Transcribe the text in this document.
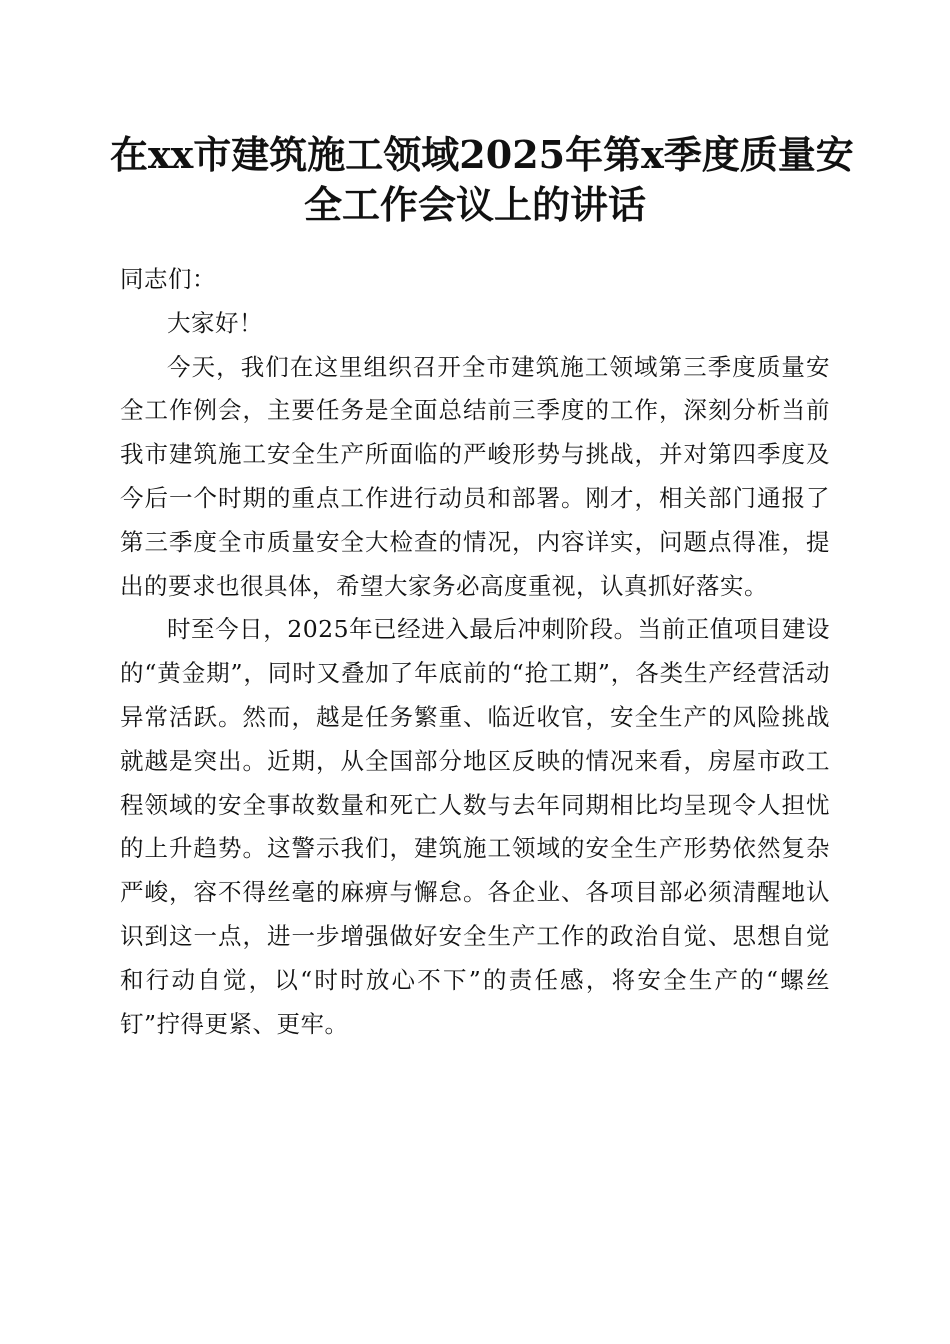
在xx市建筑施工领域2025年第x季度质量安
全工作会议上的讲话

同志们：

大家好！

今天，我们在这里组织召开全市建筑施工领域第三季度质量安全工作例会，主要任务是全面总结前三季度的工作，深刻分析当前我市建筑施工安全生产所面临的严峻形势与挑战，并对第四季度及今后一个时期的重点工作进行动员和部署。刚才，相关部门通报了第三季度全市质量安全大检查的情况，内容详实，问题点得准，提出的要求也很具体，希望大家务必高度重视，认真抓好落实。

时至今日，2025年已经进入最后冲刺阶段。当前正值项目建设的“黄金期”，同时又叠加了年底前的“抢工期”，各类生产经营活动异常活跃。然而，越是任务繁重、临近收官，安全生产的风险挑战就越是突出。近期，从全国部分地区反映的情况来看，房屋市政工程领域的安全事故数量和死亡人数与去年同期相比均呈现令人担忧的上升趋势。这警示我们，建筑施工领域的安全生产形势依然复杂严峻，容不得丝毫的麻痹与懈怠。各企业、各项目部必须清醒地认识到这一点，进一步增强做好安全生产工作的政治自觉、思想自觉和行动自觉，以“时时放心不下”的责任感，将安全生产的“螺丝钉”拧得更紧、更牢。
